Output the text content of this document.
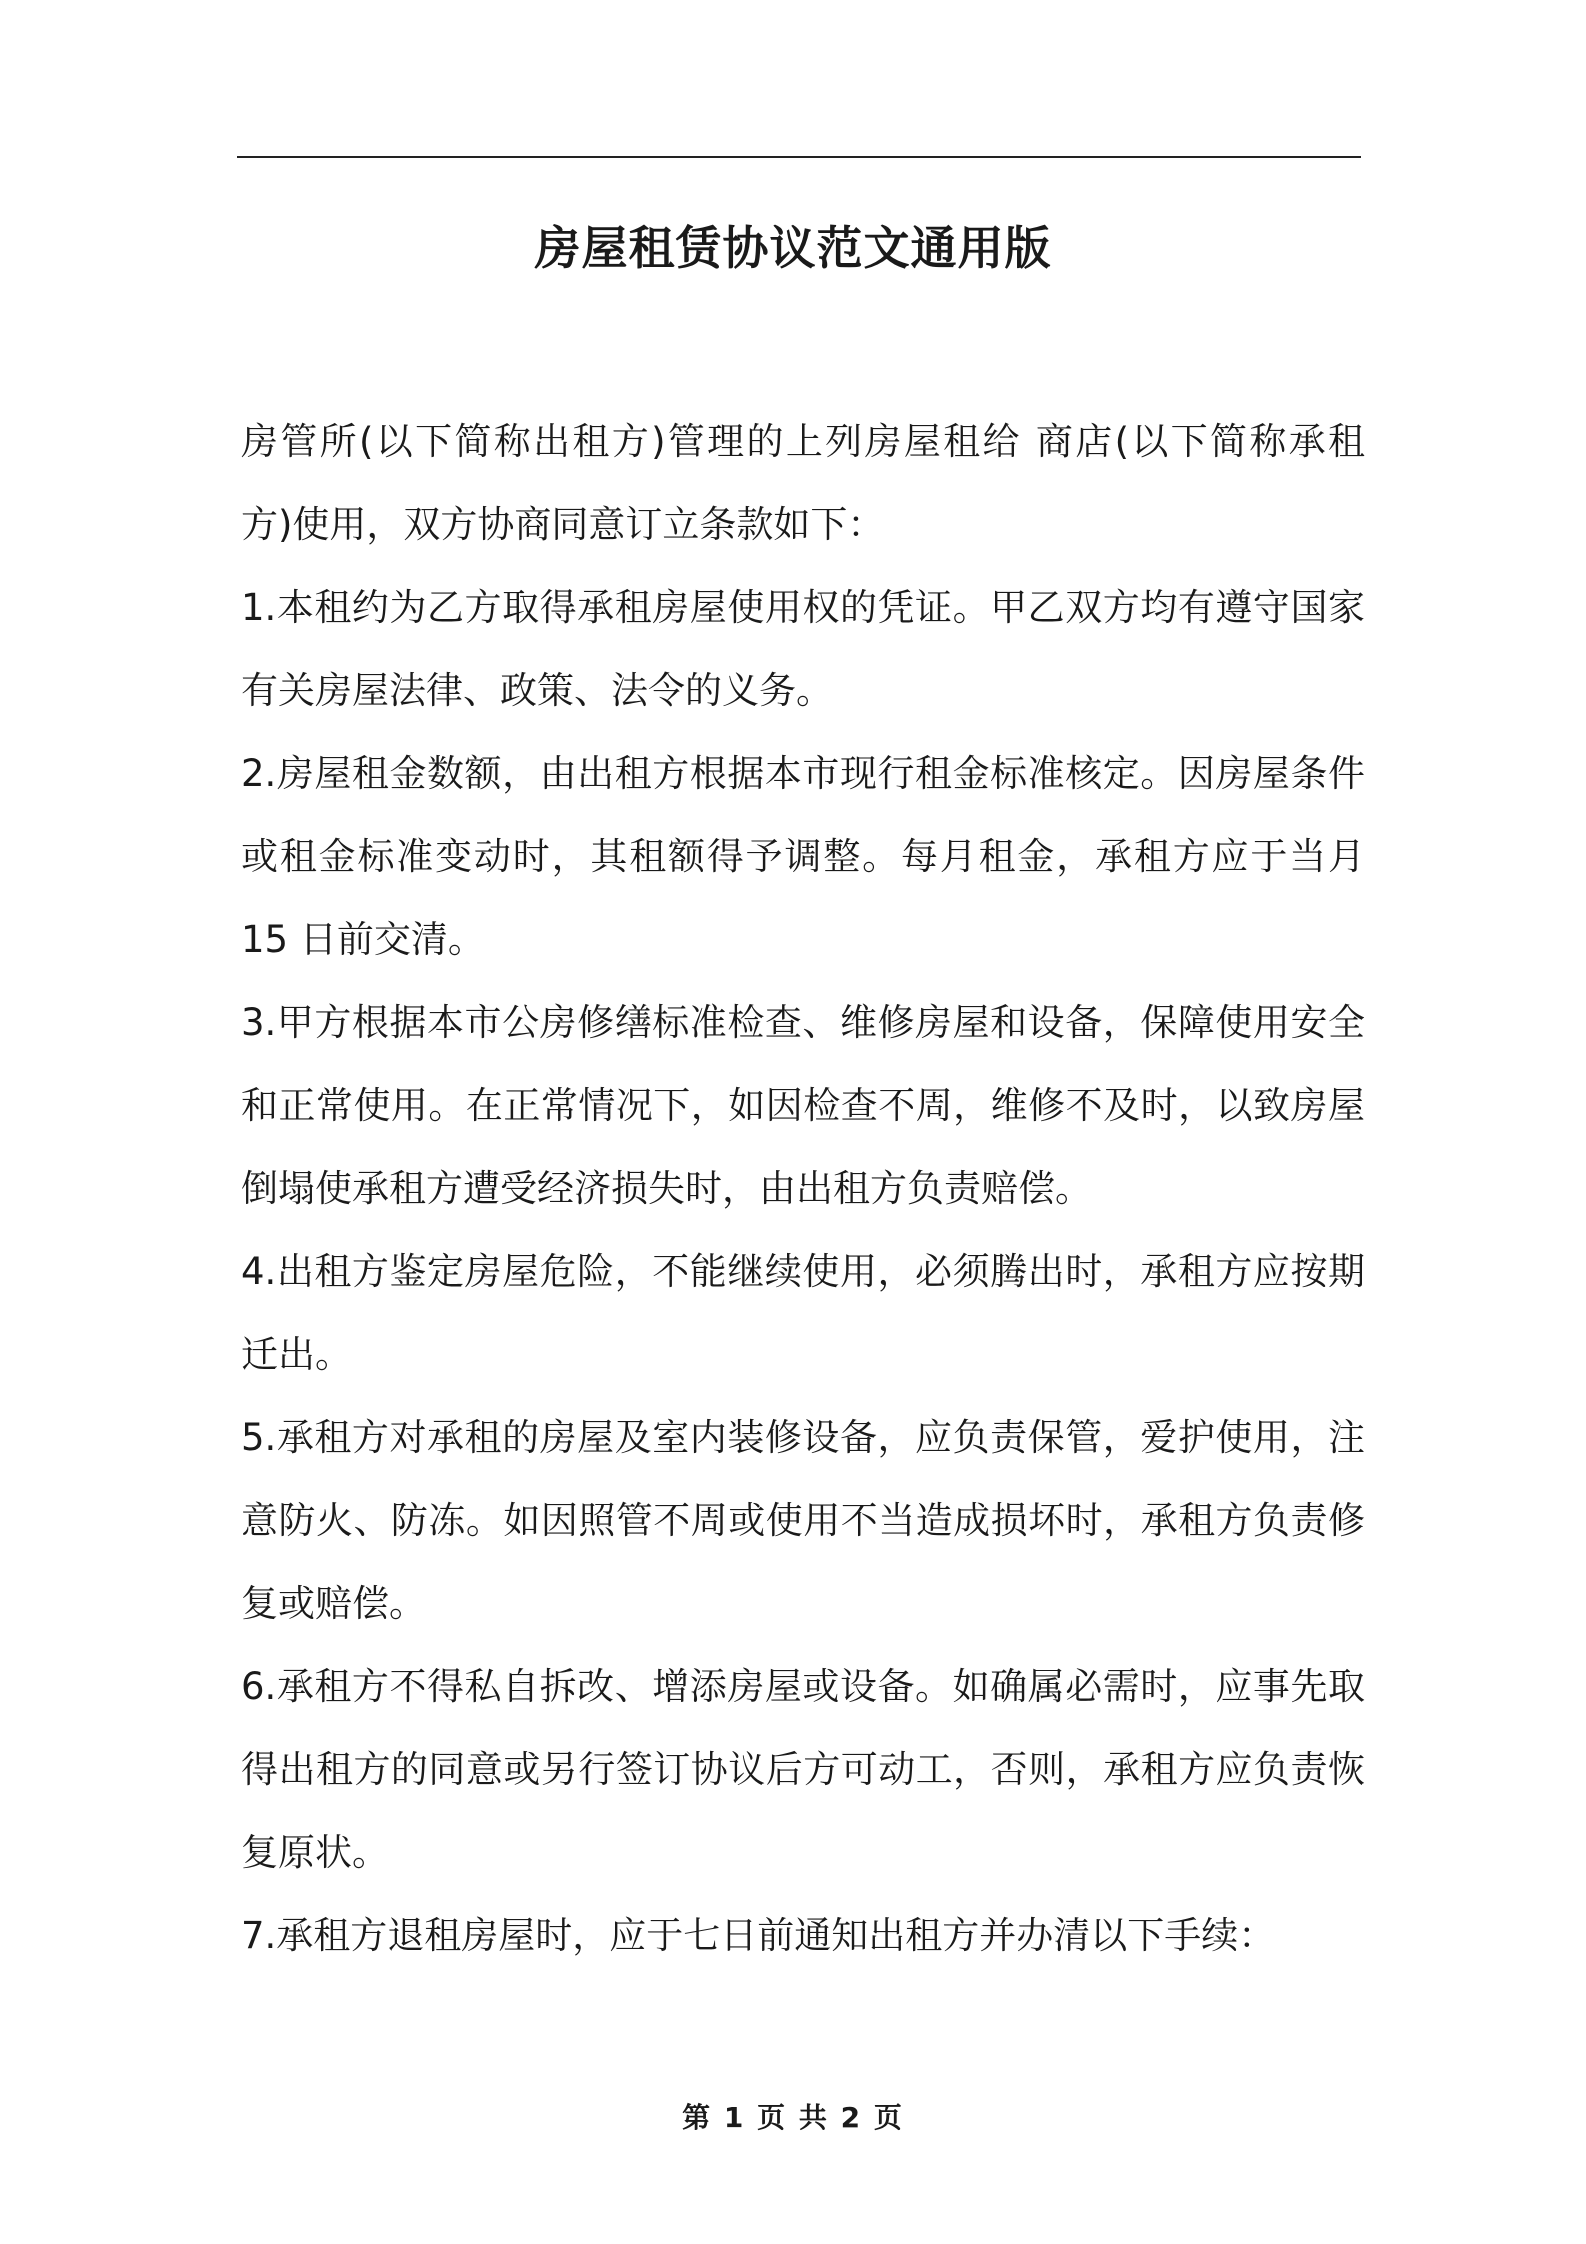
房屋租赁协议范文通用版
房管所(以下简称出租方)管理的上列房屋租给 商店(以下简称承租
方)使用，双方协商同意订立条款如下：
1.本租约为乙方取得承租房屋使用权的凭证。甲乙双方均有遵守国家
有关房屋法律、政策、法令的义务。
2.房屋租金数额，由出租方根据本市现行租金标准核定。因房屋条件
或租金标准变动时，其租额得予调整。每月租金，承租方应于当月
15 日前交清。
3.甲方根据本市公房修缮标准检查、维修房屋和设备，保障使用安全
和正常使用。在正常情况下，如因检查不周，维修不及时，以致房屋
倒塌使承租方遭受经济损失时，由出租方负责赔偿。
4.出租方鉴定房屋危险，不能继续使用，必须腾出时，承租方应按期
迁出。
5.承租方对承租的房屋及室内装修设备，应负责保管，爱护使用，注
意防火、防冻。如因照管不周或使用不当造成损坏时，承租方负责修
复或赔偿。
6.承租方不得私自拆改、增添房屋或设备。如确属必需时，应事先取
得出租方的同意或另行签订协议后方可动工，否则，承租方应负责恢
复原状。
7.承租方退租房屋时，应于七日前通知出租方并办清以下手续：
第 1 页 共 2 页
